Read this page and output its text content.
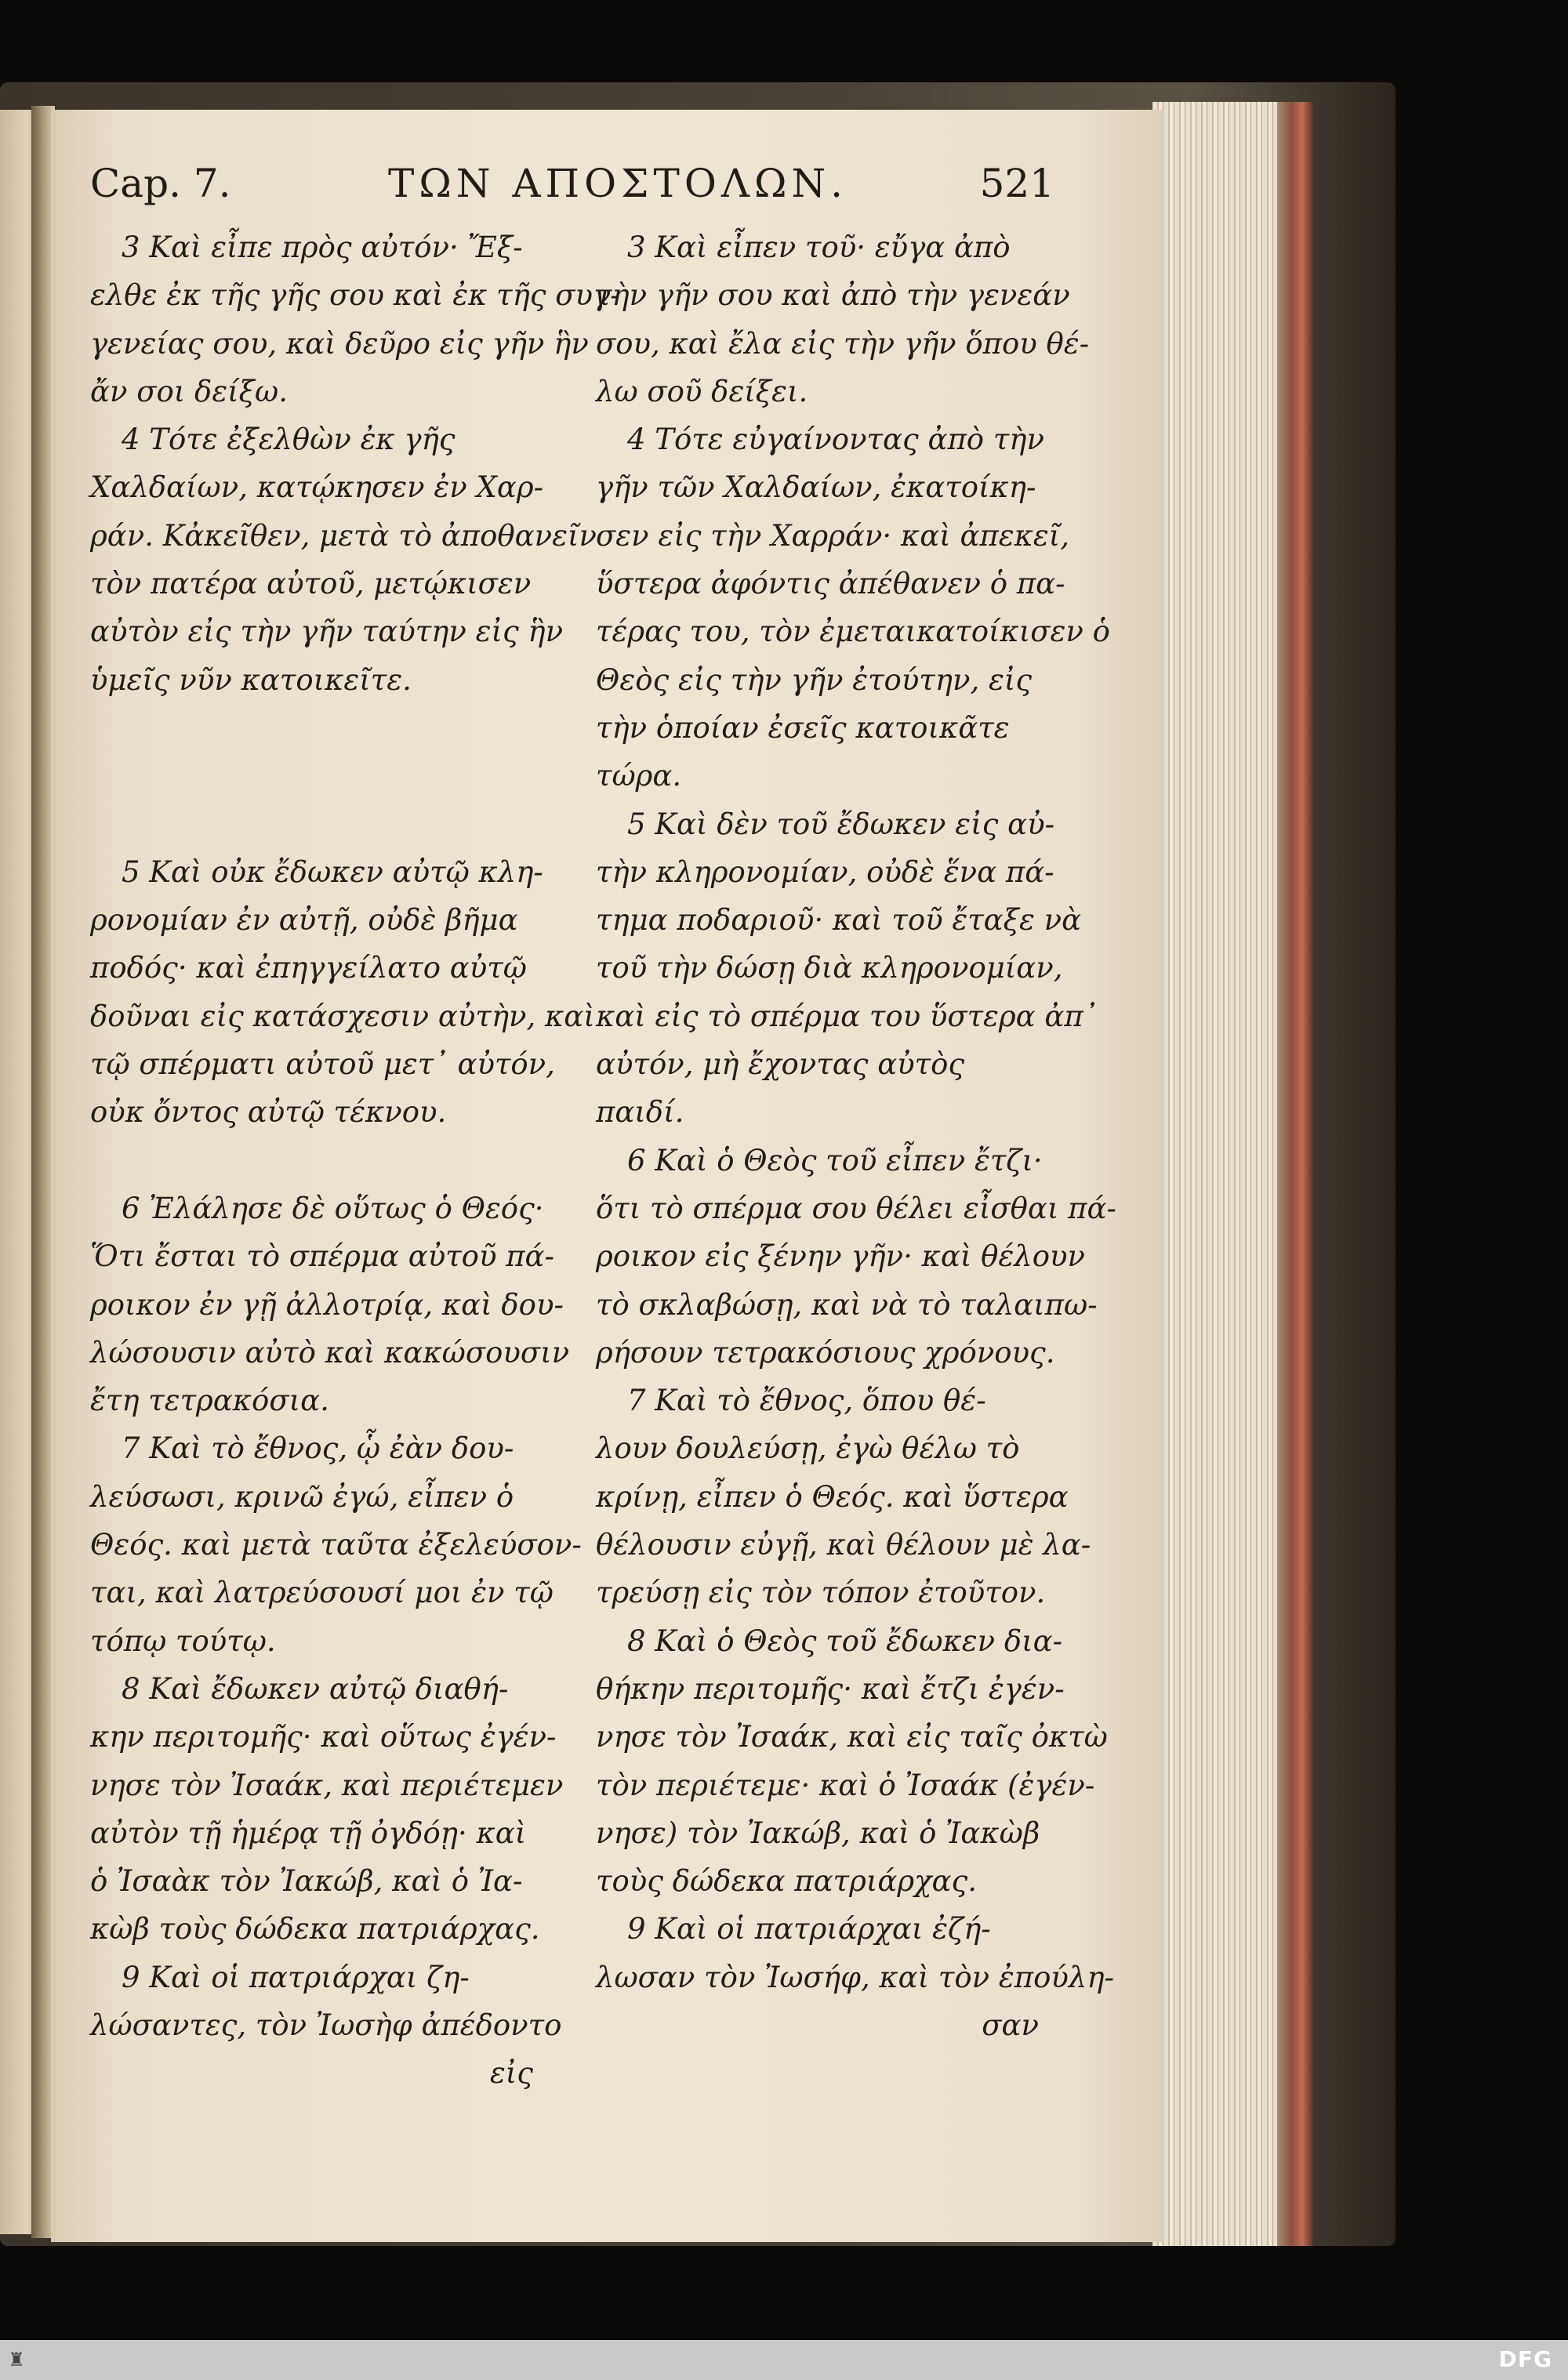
Cap. 7.	ΤΩΝ ΑΠΟΣΤΟΛΩΝ.	521
3 Καὶ εἶπε πρὸς αὐτόν· Ἔξ-
ελθε ἐκ τῆς γῆς σου καὶ ἐκ τῆς συγ-
γενείας σου, καὶ δεῦρο εἰς γῆν ἣν
ἄν σοι δείξω.
4 Τότε ἐξελθὼν ἐκ γῆς
Χαλδαίων, κατῴκησεν ἐν Χαρ-
ράν. Κἀκεῖθεν, μετὰ τὸ ἀποθανεῖν
τὸν πατέρα αὐτοῦ, μετῴκισεν
αὐτὸν εἰς τὴν γῆν ταύτην εἰς ἣν
ὑμεῖς νῦν κατοικεῖτε.
5 Καὶ οὐκ ἔδωκεν αὐτῷ κλη-
ρονομίαν ἐν αὐτῇ, οὐδὲ βῆμα
ποδός· καὶ ἐπηγγείλατο αὐτῷ
δοῦναι εἰς κατάσχεσιν αὐτὴν, καὶ
τῷ σπέρματι αὐτοῦ μετ᾽ αὐτόν,
οὐκ ὄντος αὐτῷ τέκνου.
6 Ἐλάλησε δὲ οὕτως ὁ Θεός·
Ὅτι ἔσται τὸ σπέρμα αὐτοῦ πά-
ροικον ἐν γῇ ἀλλοτρίᾳ, καὶ δου-
λώσουσιν αὐτὸ καὶ κακώσουσιν
ἔτη τετρακόσια.
7 Καὶ τὸ ἔθνος, ᾧ ἐὰν δου-
λεύσωσι, κρινῶ ἐγώ, εἶπεν ὁ
Θεός. καὶ μετὰ ταῦτα ἐξελεύσον-
ται, καὶ λατρεύσουσί μοι ἐν τῷ
τόπῳ τούτῳ.
8 Καὶ ἔδωκεν αὐτῷ διαθή-
κην περιτομῆς· καὶ οὕτως ἐγέν-
νησε τὸν Ἰσαάκ, καὶ περιέτεμεν
αὐτὸν τῇ ἡμέρᾳ τῇ ὀγδόῃ· καὶ
ὁ Ἰσαὰκ τὸν Ἰακώβ, καὶ ὁ Ἰα-
κὼβ τοὺς δώδεκα πατριάρχας.
9 Καὶ οἱ πατριάρχαι ζη-
λώσαντες, τὸν Ἰωσὴφ ἀπέδοντο
εἰς
3 Καὶ εἶπεν τοῦ· εὔγα ἀπὸ
τὴν γῆν σου καὶ ἀπὸ τὴν γενεάν
σου, καὶ ἔλα εἰς τὴν γῆν ὅπου θέ-
λω σοῦ δείξει.
4 Τότε εὐγαίνοντας ἀπὸ τὴν
γῆν τῶν Χαλδαίων, ἐκατοίκη-
σεν εἰς τὴν Χαρράν· καὶ ἀπεκεῖ,
ὕστερα ἀφόντις ἀπέθανεν ὁ πα-
τέρας του, τὸν ἐμεταικατοίκισεν ὁ
Θεὸς εἰς τὴν γῆν ἐτούτην, εἰς
τὴν ὁποίαν ἐσεῖς κατοικᾶτε
τώρα.
5 Καὶ δὲν τοῦ ἔδωκεν εἰς αὐ-
τὴν κληρονομίαν, οὐδὲ ἕνα πά-
τημα ποδαριοῦ· καὶ τοῦ ἔταξε νὰ
τοῦ τὴν δώσῃ διὰ κληρονομίαν,
καὶ εἰς τὸ σπέρμα του ὕστερα ἀπ᾽
αὐτόν, μὴ ἔχοντας αὐτὸς
παιδί.
6 Καὶ ὁ Θεὸς τοῦ εἶπεν ἔτζι·
ὅτι τὸ σπέρμα σου θέλει εἶσθαι πά-
ροικον εἰς ξένην γῆν· καὶ θέλουν
τὸ σκλαβώσῃ, καὶ νὰ τὸ ταλαιπω-
ρήσουν τετρακόσιους χρόνους.
7 Καὶ τὸ ἔθνος, ὅπου θέ-
λουν δουλεύσῃ, ἐγὼ θέλω τὸ
κρίνῃ, εἶπεν ὁ Θεός. καὶ ὕστερα
θέλουσιν εὐγῇ, καὶ θέλουν μὲ λα-
τρεύσῃ εἰς τὸν τόπον ἐτοῦτον.
8 Καὶ ὁ Θεὸς τοῦ ἔδωκεν δια-
θήκην περιτομῆς· καὶ ἔτζι ἐγέν-
νησε τὸν Ἰσαάκ, καὶ εἰς ταῖς ὀκτὼ
τὸν περιέτεμε· καὶ ὁ Ἰσαάκ (ἐγέν-
νησε) τὸν Ἰακώβ, καὶ ὁ Ἰακὼβ
τοὺς δώδεκα πατριάρχας.
9 Καὶ οἱ πατριάρχαι ἐζή-
λωσαν τὸν Ἰωσήφ, καὶ τὸν ἐπούλη-
σαν
♜	DFG
